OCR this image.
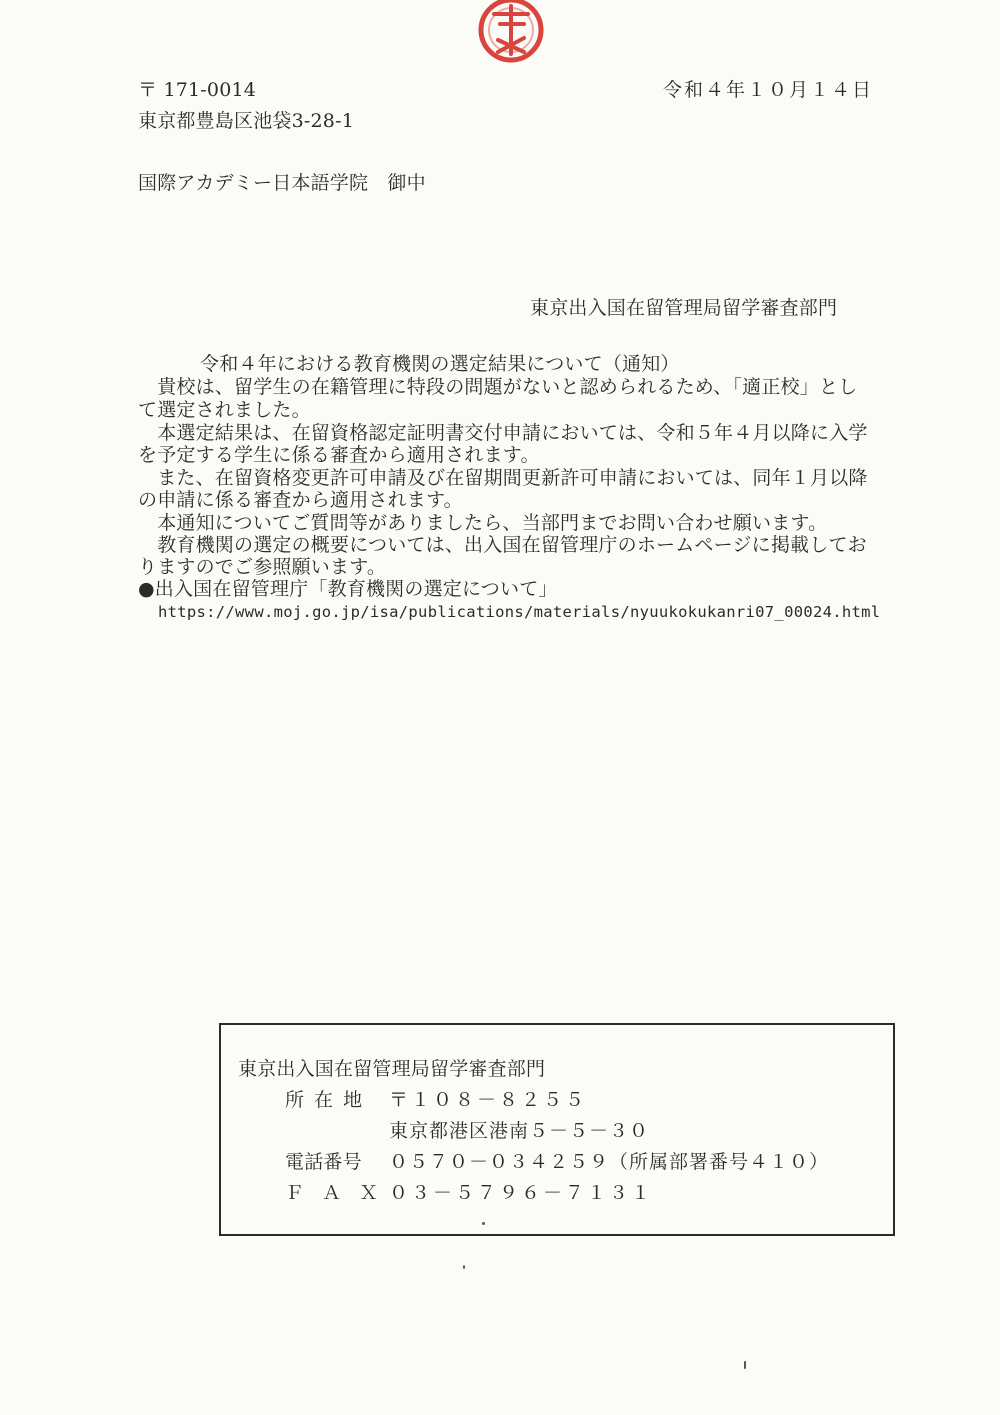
〒 171-0014	令和４年１０月１４日
東京都豊島区池袋3-28-1
国際アカデミー日本語学院　御中
東京出入国在留管理局留学審査部門
令和４年における教育機関の選定結果について（通知）
　貴校は、留学生の在籍管理に特段の問題がないと認められるため、「適正校」とし
て選定されました。
　本選定結果は、在留資格認定証明書交付申請においては、令和５年４月以降に入学
を予定する学生に係る審査から適用されます。
　また、在留資格変更許可申請及び在留期間更新許可申請においては、同年１月以降
の申請に係る審査から適用されます。
　本通知についてご質問等がありましたら、当部門までお問い合わせ願います。
　教育機関の選定の概要については、出入国在留管理庁のホームページに掲載してお
りますのでご参照願います。
●出入国在留管理庁「教育機関の選定について」
https://www.moj.go.jp/isa/publications/materials/nyuukokukanri07_00024.html
東京出入国在留管理局留学審査部門
所 在 地 〒１０８－８２５５
東京都港区港南５－５－３０
電話番号 ０５７０－０３４２５９（所属部署番号４１０）
Ｆ Ａ Ｘ ０３－５７９６－７１３１
